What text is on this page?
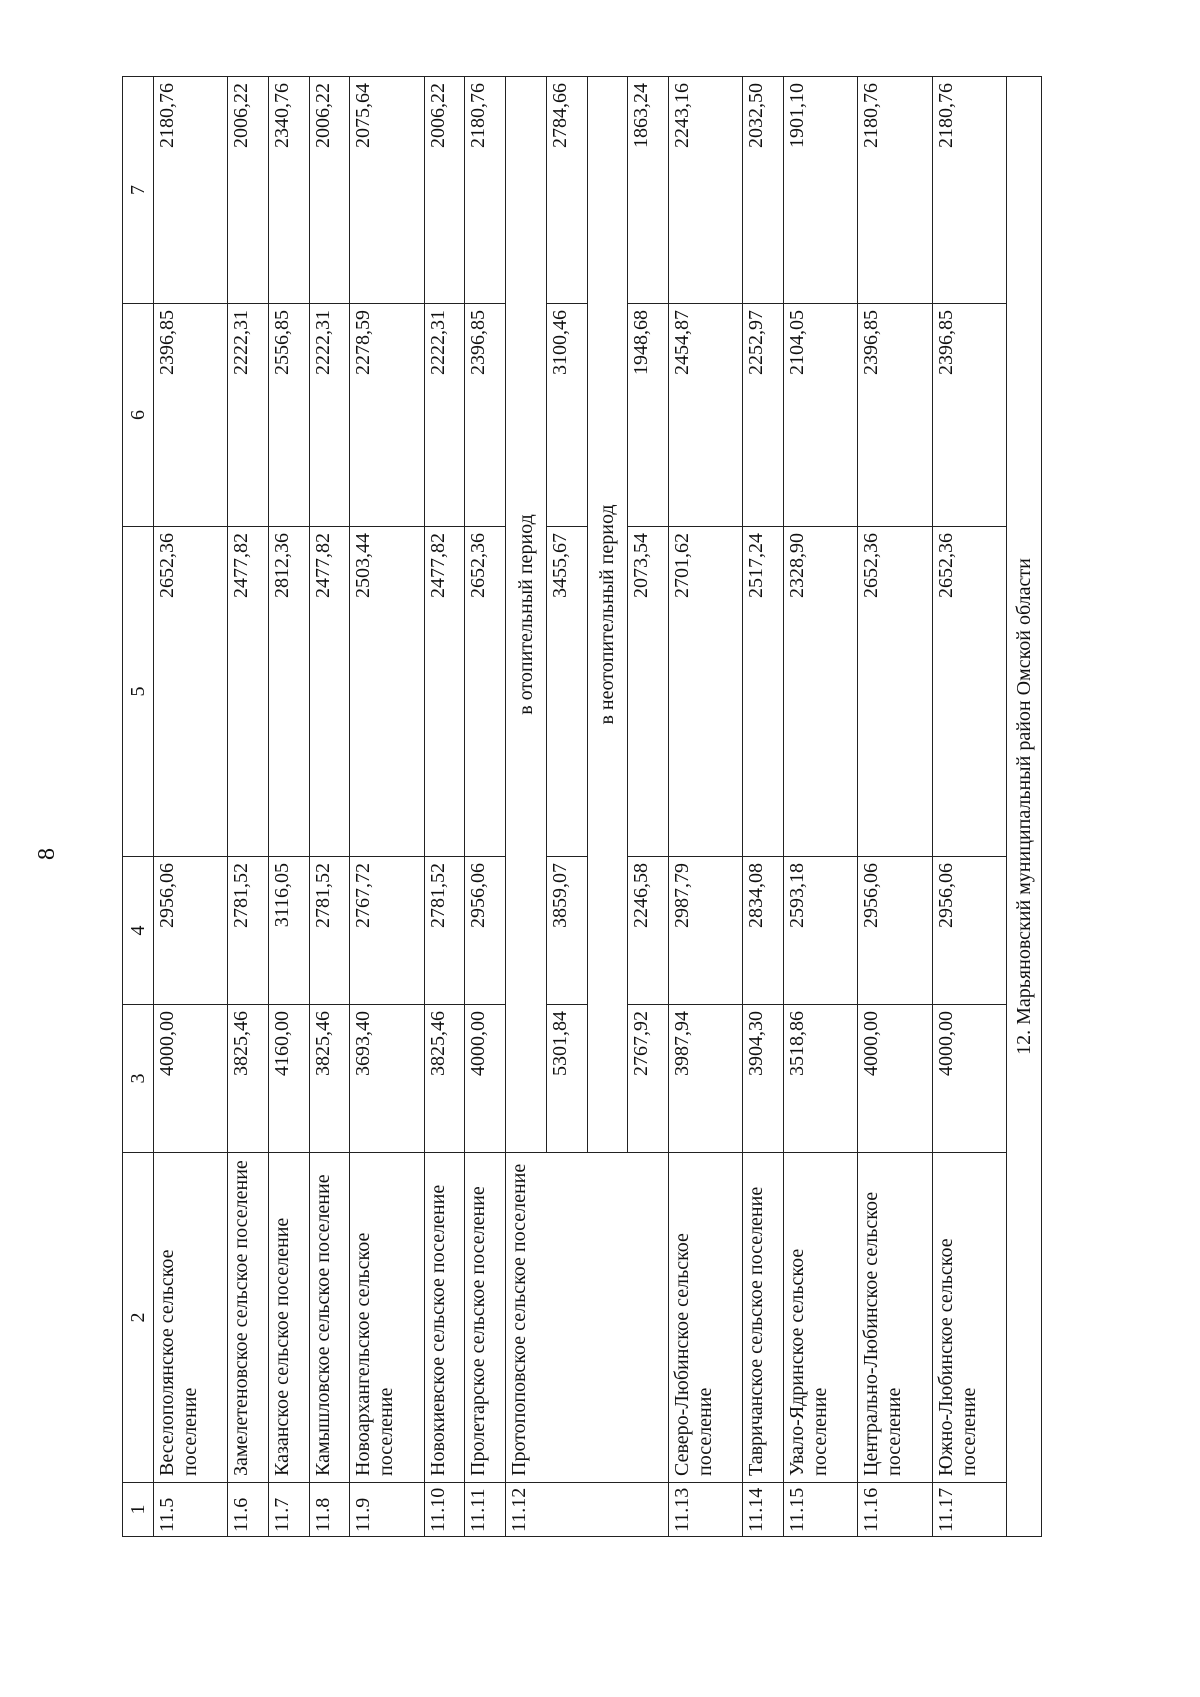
8
1	2	3	4	5	6	7
11.5	Веселополянское сельское поселение	4000,00	2956,06	2652,36	2396,85	2180,76
11.6	Замелетеновское сельское поселение	3825,46	2781,52	2477,82	2222,31	2006,22
11.7	Казанское сельское поселение	4160,00	3116,05	2812,36	2556,85	2340,76
11.8	Камышловское сельское поселение	3825,46	2781,52	2477,82	2222,31	2006,22
11.9	Новоархангельское сельское поселение	3693,40	2767,72	2503,44	2278,59	2075,64
11.10	Новокиевское сельское поселение	3825,46	2781,52	2477,82	2222,31	2006,22
11.11	Пролетарское сельское поселение	4000,00	2956,06	2652,36	2396,85	2180,76
11.12	Протопоповское сельское поселение	в отопительный период				
		5301,84	3859,07	3455,67	3100,46	2784,66
		в неотопительный период				
		2767,92	2246,58	2073,54	1948,68	1863,24
11.13	Северо-Любинское сельское поселение	3987,94	2987,79	2701,62	2454,87	2243,16
11.14	Тавричанское сельское поселение	3904,30	2834,08	2517,24	2252,97	2032,50
11.15	Увало-Ядринское сельское поселение	3518,86	2593,18	2328,90	2104,05	1901,10
11.16	Центрально-Любинское сельское поселение	4000,00	2956,06	2652,36	2396,85	2180,76
11.17	Южно-Любинское сельское поселение	4000,00	2956,06	2652,36	2396,85	2180,76
12. Марьяновский муниципальный район Омской области						
